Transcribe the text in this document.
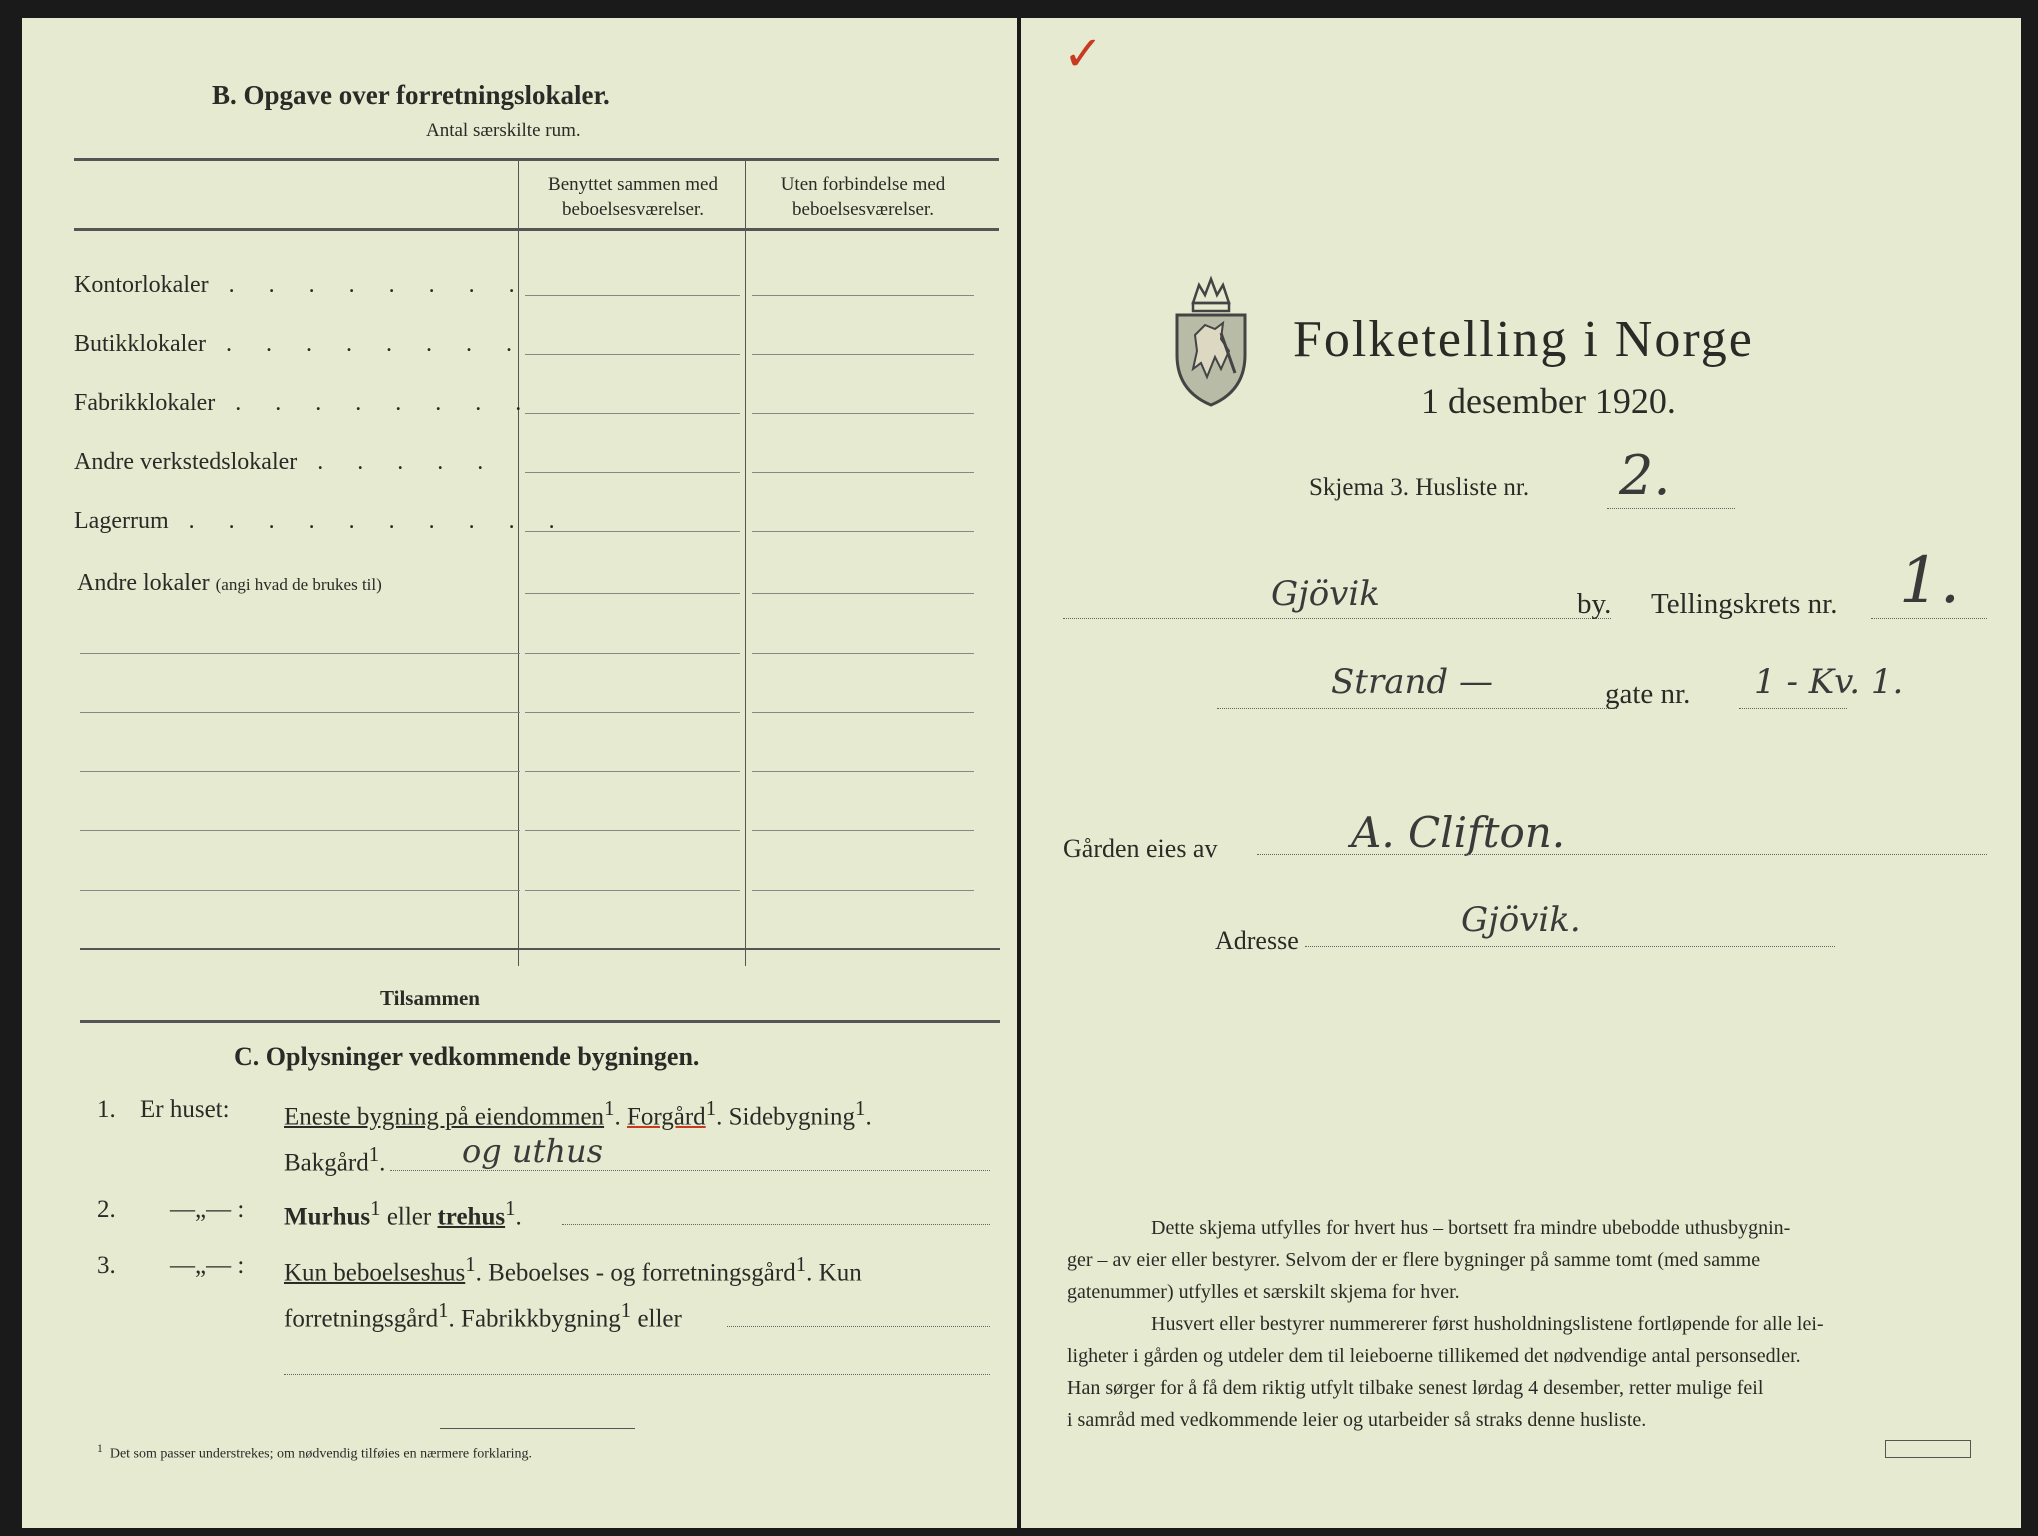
B. Opgave over forretningslokaler.
Antal særskilte rum.
Benyttet sammen med
beboelsesværelser.
Uten forbindelse med
beboelsesværelser.
Kontorlokaler . . . . . . . .
Butikklokaler . . . . . . . .
Fabrikklokaler . . . . . . . .
Andre verkstedslokaler . . . . .
Lagerrum . . . . . . . . . .
Andre lokaler (angi hvad de brukes til)
Tilsammen
C. Oplysninger vedkommende bygningen.
1. Er huset: Eneste bygning på eiendommen$^1$. Forgård$^1$. Sidebygning$^1$.
Bakgård$^1$. og uthus
2. —„— : Murhus$^1$ eller trehus$^1$.
3. —„— : Kun beboelseshus$^1$. Beboelses - og forretningsgård$^1$. Kun
forretningsgård$^1$. Fabrikkbygning$^1$ eller
$^1$ Det som passer understrekes; om nødvendig tilføies en nærmere forklaring.
✓
Folketelling i Norge
1 desember 1920.
Skjema 3. Husliste nr. 2.
Gjövik	by. Tellingskrets nr. 1.
Strand —	gate nr. 1 - Kv. 1.
Gården eies av	A. Clifton.
Adresse
Gjövik.
Dette skjema utfylles for hvert hus – bortsett fra mindre ubebodde uthusbygnin-
ger – av eier eller bestyrer. Selvom der er flere bygninger på samme tomt (med samme
gatenummer) utfylles et særskilt skjema for hver.
Husvert eller bestyrer nummererer først husholdningslistene fortløpende for alle lei-
ligheter i gården og utdeler dem til leieboerne tillikemed det nødvendige antal personsedler.
Han sørger for å få dem riktig utfylt tilbake senest lørdag 4 desember, retter mulige feil
i samråd med vedkommende leier og utarbeider så straks denne husliste.
